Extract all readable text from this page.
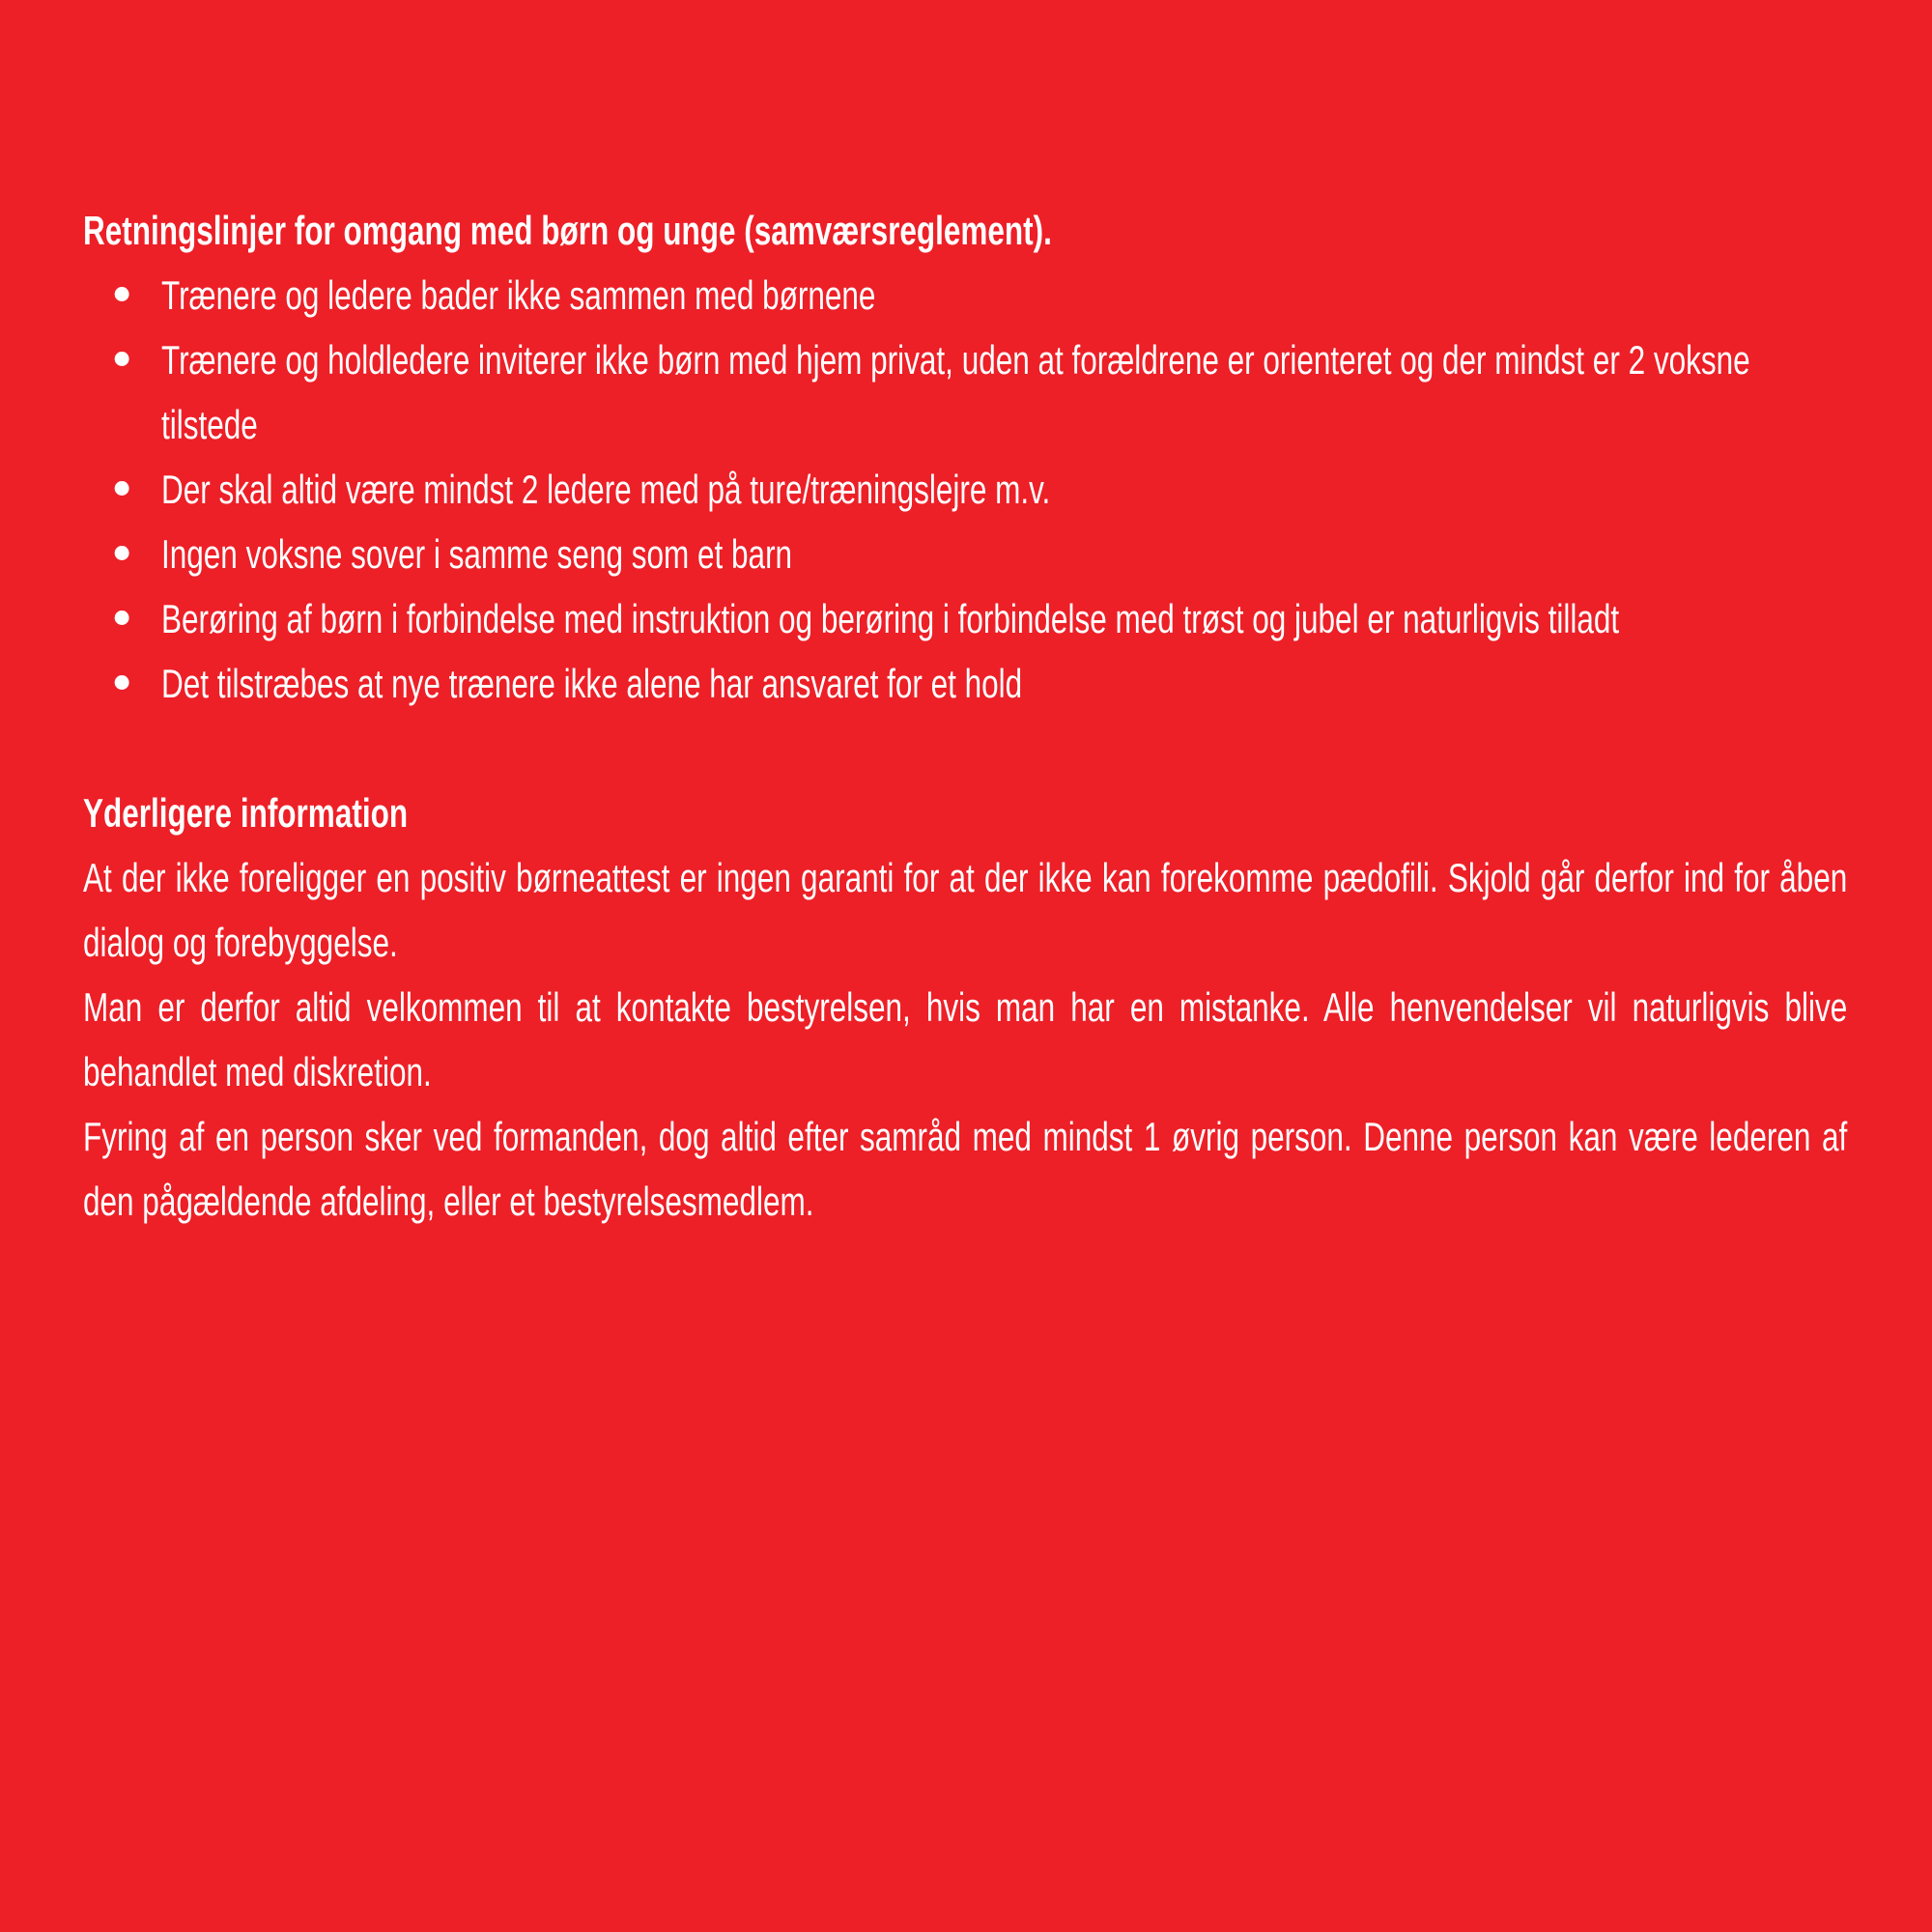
Retningslinjer for omgang med børn og unge (samværsreglement).

Trænere og ledere bader ikke sammen med børnene
Trænere og holdledere inviterer ikke børn med hjem privat, uden at forældrene er orienteret og der mindst er 2 voksne tilstede
Der skal altid være mindst 2 ledere med på ture/træningslejre m.v.
Ingen voksne sover i samme seng som et barn
Berøring af børn i forbindelse med instruktion og berøring i forbindelse med trøst og jubel er naturligvis tilladt
Det tilstræbes at nye trænere ikke alene har ansvaret for et hold

Yderligere information

At der ikke foreligger en positiv børneattest er ingen garanti for at der ikke kan forekomme pædofili. Skjold går derfor ind for åben dialog og forebyggelse.

Man er derfor altid velkommen til at kontakte bestyrelsen, hvis man har en mistanke. Alle henvendelser vil naturligvis blive behandlet med diskretion.

Fyring af en person sker ved formanden, dog altid efter samråd med mindst 1 øvrig person. Denne person kan være lederen af den pågældende afdeling, eller et bestyrelsesmedlem.
